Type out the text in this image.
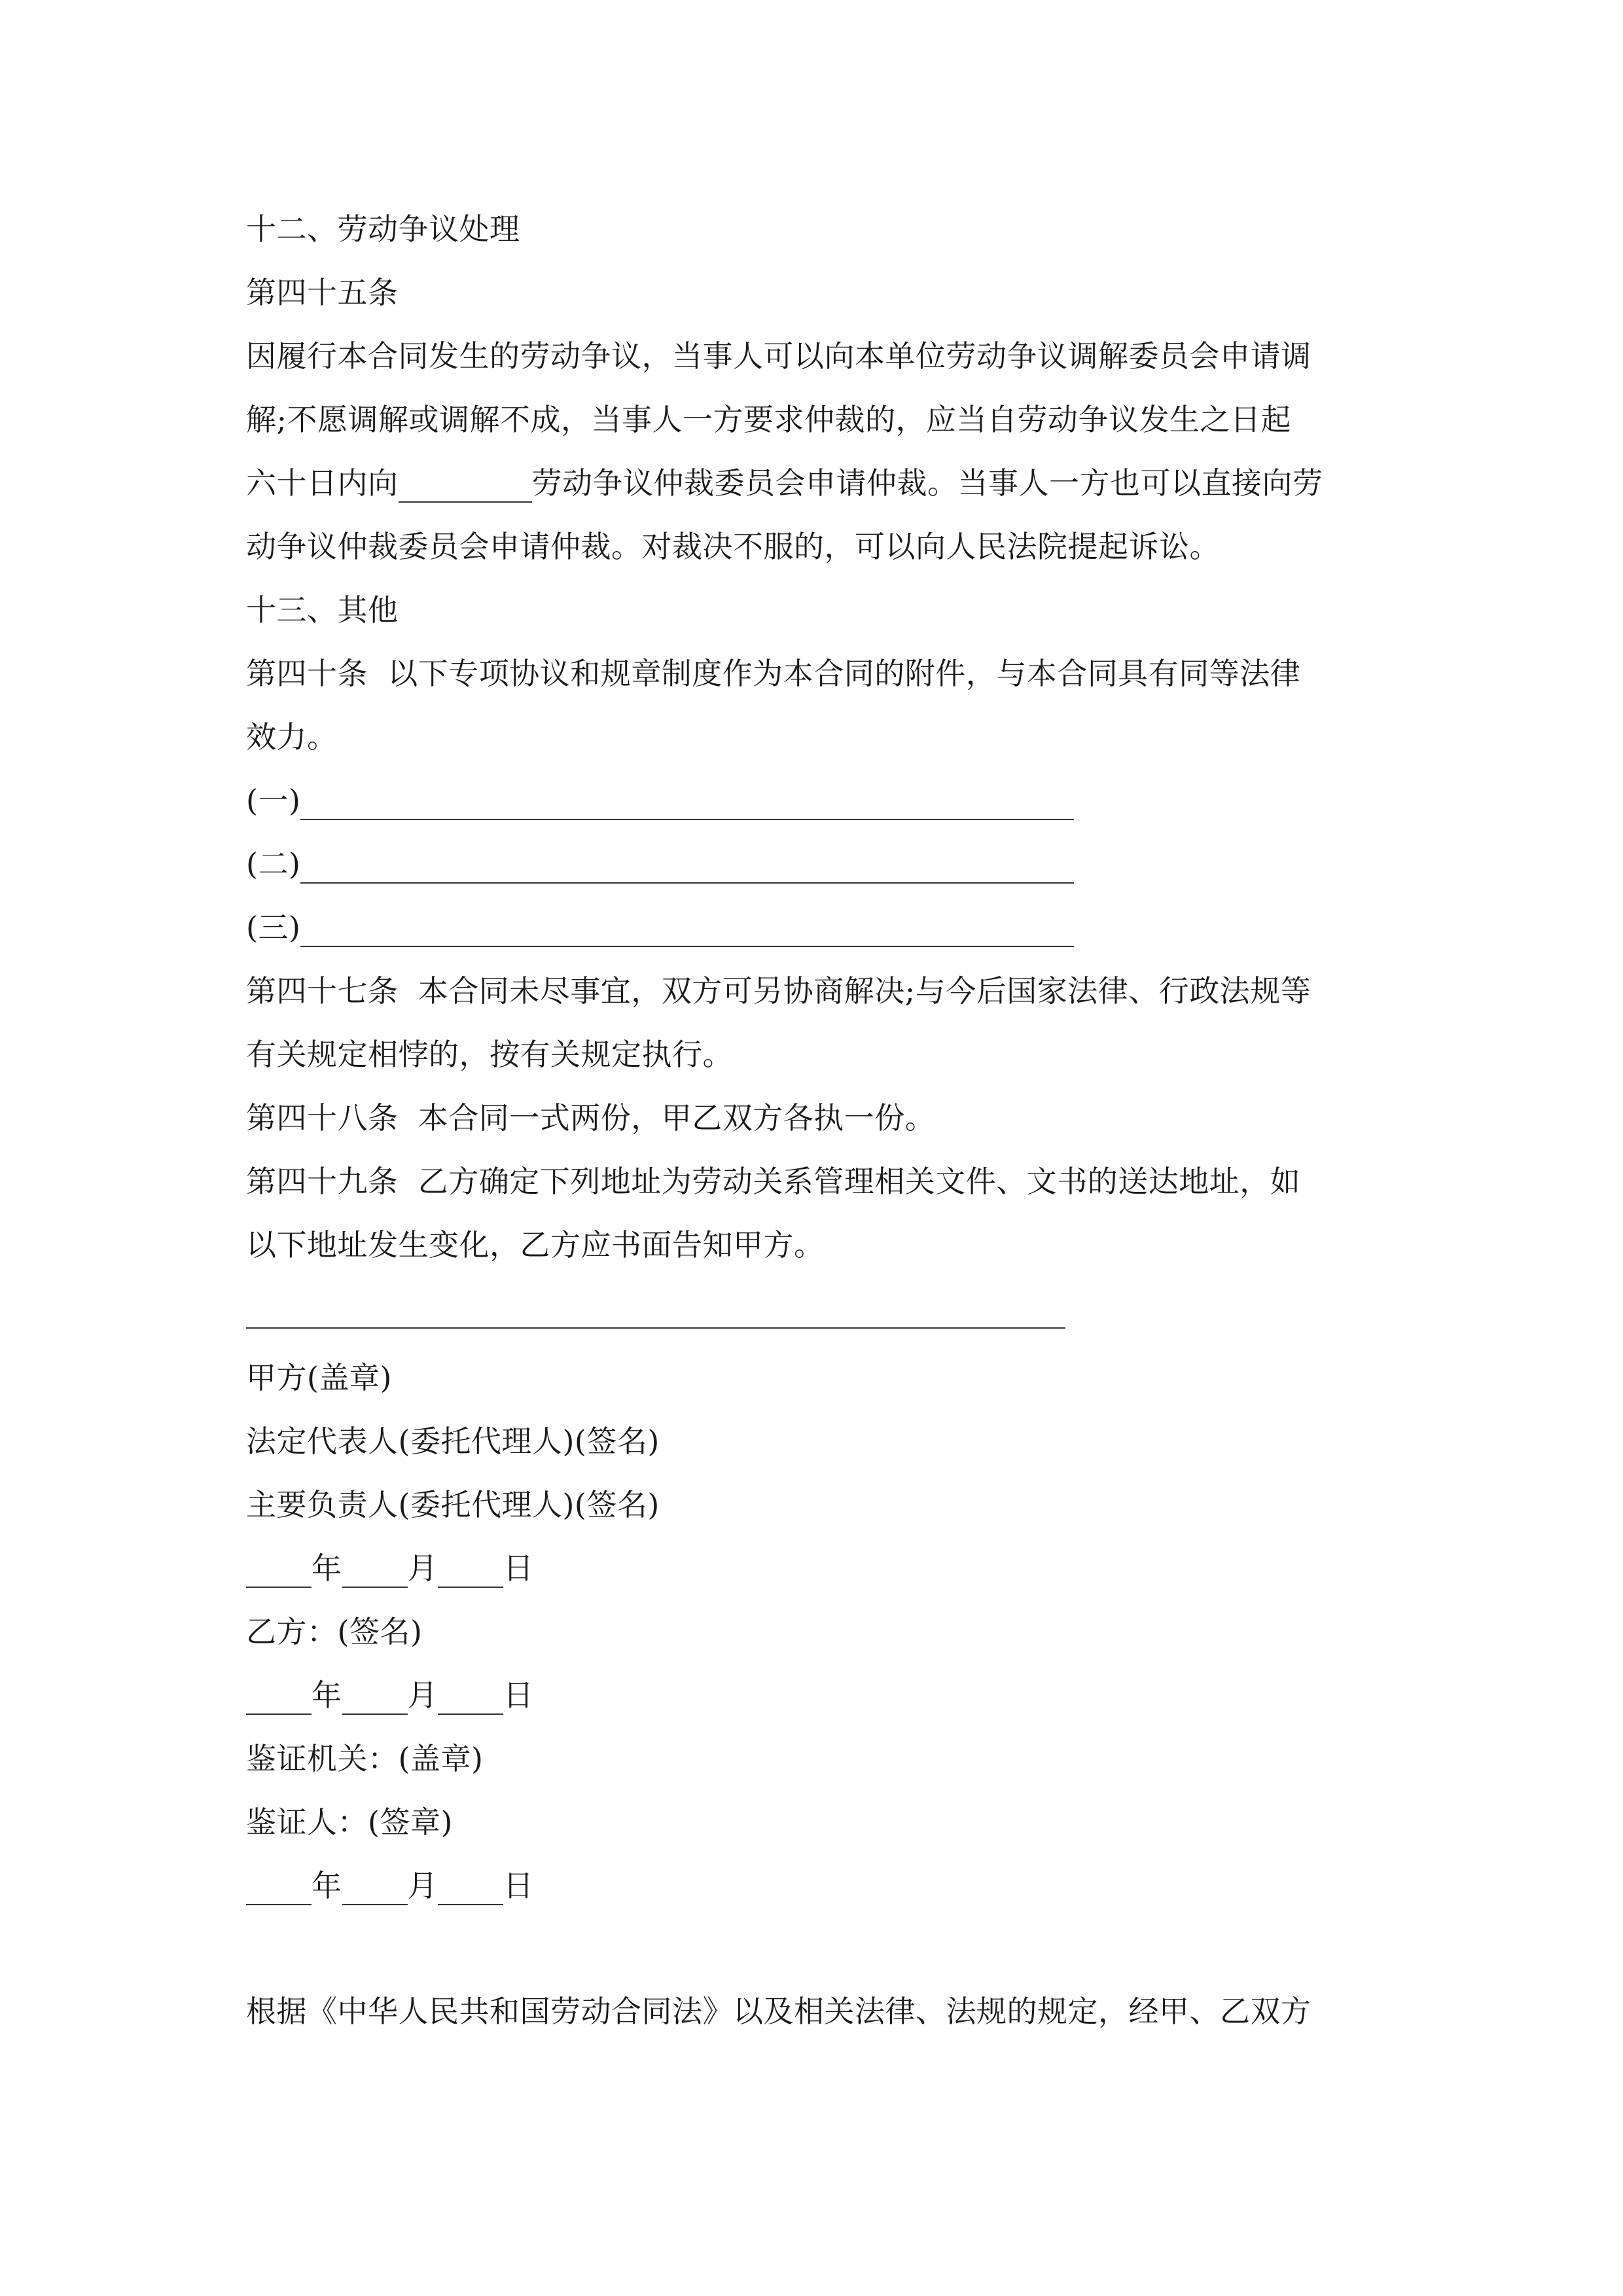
十二、劳动争议处理
第四十五条
因履行本合同发生的劳动争议，当事人可以向本单位劳动争议调解委员会申请调
解;不愿调解或调解不成，当事人一方要求仲裁的，应当自劳动争议发生之日起
六十日内向	劳动争议仲裁委员会申请仲裁。当事人一方也可以直接向劳
动争议仲裁委员会申请仲裁。对裁决不服的，可以向人民法院提起诉讼。
十三、其他
第四十条  以下专项协议和规章制度作为本合同的附件，与本合同具有同等法律
效力。
(一)
(二)
(三)
第四十七条  本合同未尽事宜，双方可另协商解决;与今后国家法律、行政法规等
有关规定相悖的，按有关规定执行。
第四十八条  本合同一式两份，甲乙双方各执一份。
第四十九条  乙方确定下列地址为劳动关系管理相关文件、文书的送达地址，如
以下地址发生变化，乙方应书面告知甲方。
甲方(盖章)
法定代表人(委托代理人)(签名)
主要负责人(委托代理人)(签名)
年 月 日
乙方：(签名)
年 月 日
鉴证机关：(盖章)
鉴证人：(签章)
年 月 日
根据《中华人民共和国劳动合同法》以及相关法律、法规的规定，经甲、乙双方
